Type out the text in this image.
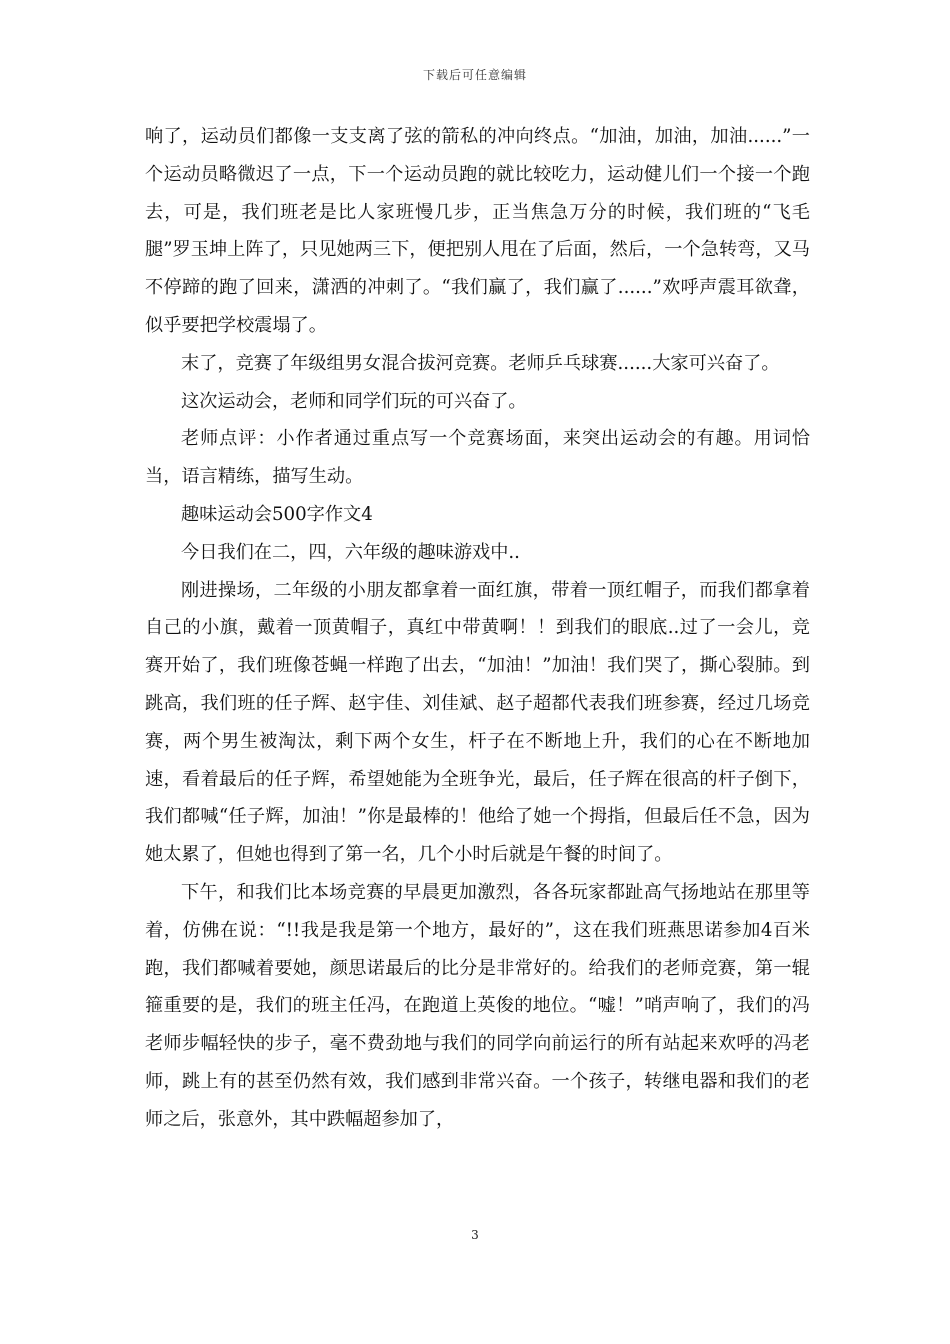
下载后可任意编辑

响了，运动员们都像一支支离了弦的箭私的冲向终点。“加油，加油，加油......”一个运动员略微迟了一点，下一个运动员跑的就比较吃力，运动健儿们一个接一个跑去，可是，我们班老是比人家班慢几步，正当焦急万分的时候，我们班的“飞毛腿”罗玉坤上阵了，只见她两三下，便把别人甩在了后面，然后，一个急转弯，又马不停蹄的跑了回来，潇洒的冲刺了。“我们赢了，我们赢了......”欢呼声震耳欲聋，似乎要把学校震塌了。

末了，竞赛了年级组男女混合拔河竞赛。老师乒乓球赛......大家可兴奋了。

这次运动会，老师和同学们玩的可兴奋了。

老师点评：小作者通过重点写一个竞赛场面，来突出运动会的有趣。用词恰当，语言精练，描写生动。

趣味运动会500字作文4

今日我们在二，四，六年级的趣味游戏中..

刚进操场，二年级的小朋友都拿着一面红旗，带着一顶红帽子，而我们都拿着自己的小旗，戴着一顶黄帽子，真红中带黄啊！！到我们的眼底..过了一会儿，竞赛开始了，我们班像苍蝇一样跑了出去，“加油！”加油！我们哭了，撕心裂肺。到跳高，我们班的任子辉、赵宇佳、刘佳斌、赵子超都代表我们班参赛，经过几场竞赛，两个男生被淘汰，剩下两个女生，杆子在不断地上升，我们的心在不断地加速，看着最后的任子辉，希望她能为全班争光，最后，任子辉在很高的杆子倒下，我们都喊“任子辉，加油！”你是最棒的！他给了她一个拇指，但最后任不急，因为她太累了，但她也得到了第一名，几个小时后就是午餐的时间了。

下午，和我们比本场竞赛的早晨更加激烈，各各玩家都趾高气扬地站在那里等着，仿佛在说：“!!我是我是第一个地方，最好的”，这在我们班燕思诺参加4百米跑，我们都喊着要她，颜思诺最后的比分是非常好的。给我们的老师竞赛，第一辊箍重要的是，我们的班主任冯，在跑道上英俊的地位。“嘘！”哨声响了，我们的冯老师步幅轻快的步子，毫不费劲地与我们的同学向前运行的所有站起来欢呼的冯老师，跳上有的甚至仍然有效，我们感到非常兴奋。一个孩子，转继电器和我们的老师之后，张意外，其中跌幅超参加了，

3
